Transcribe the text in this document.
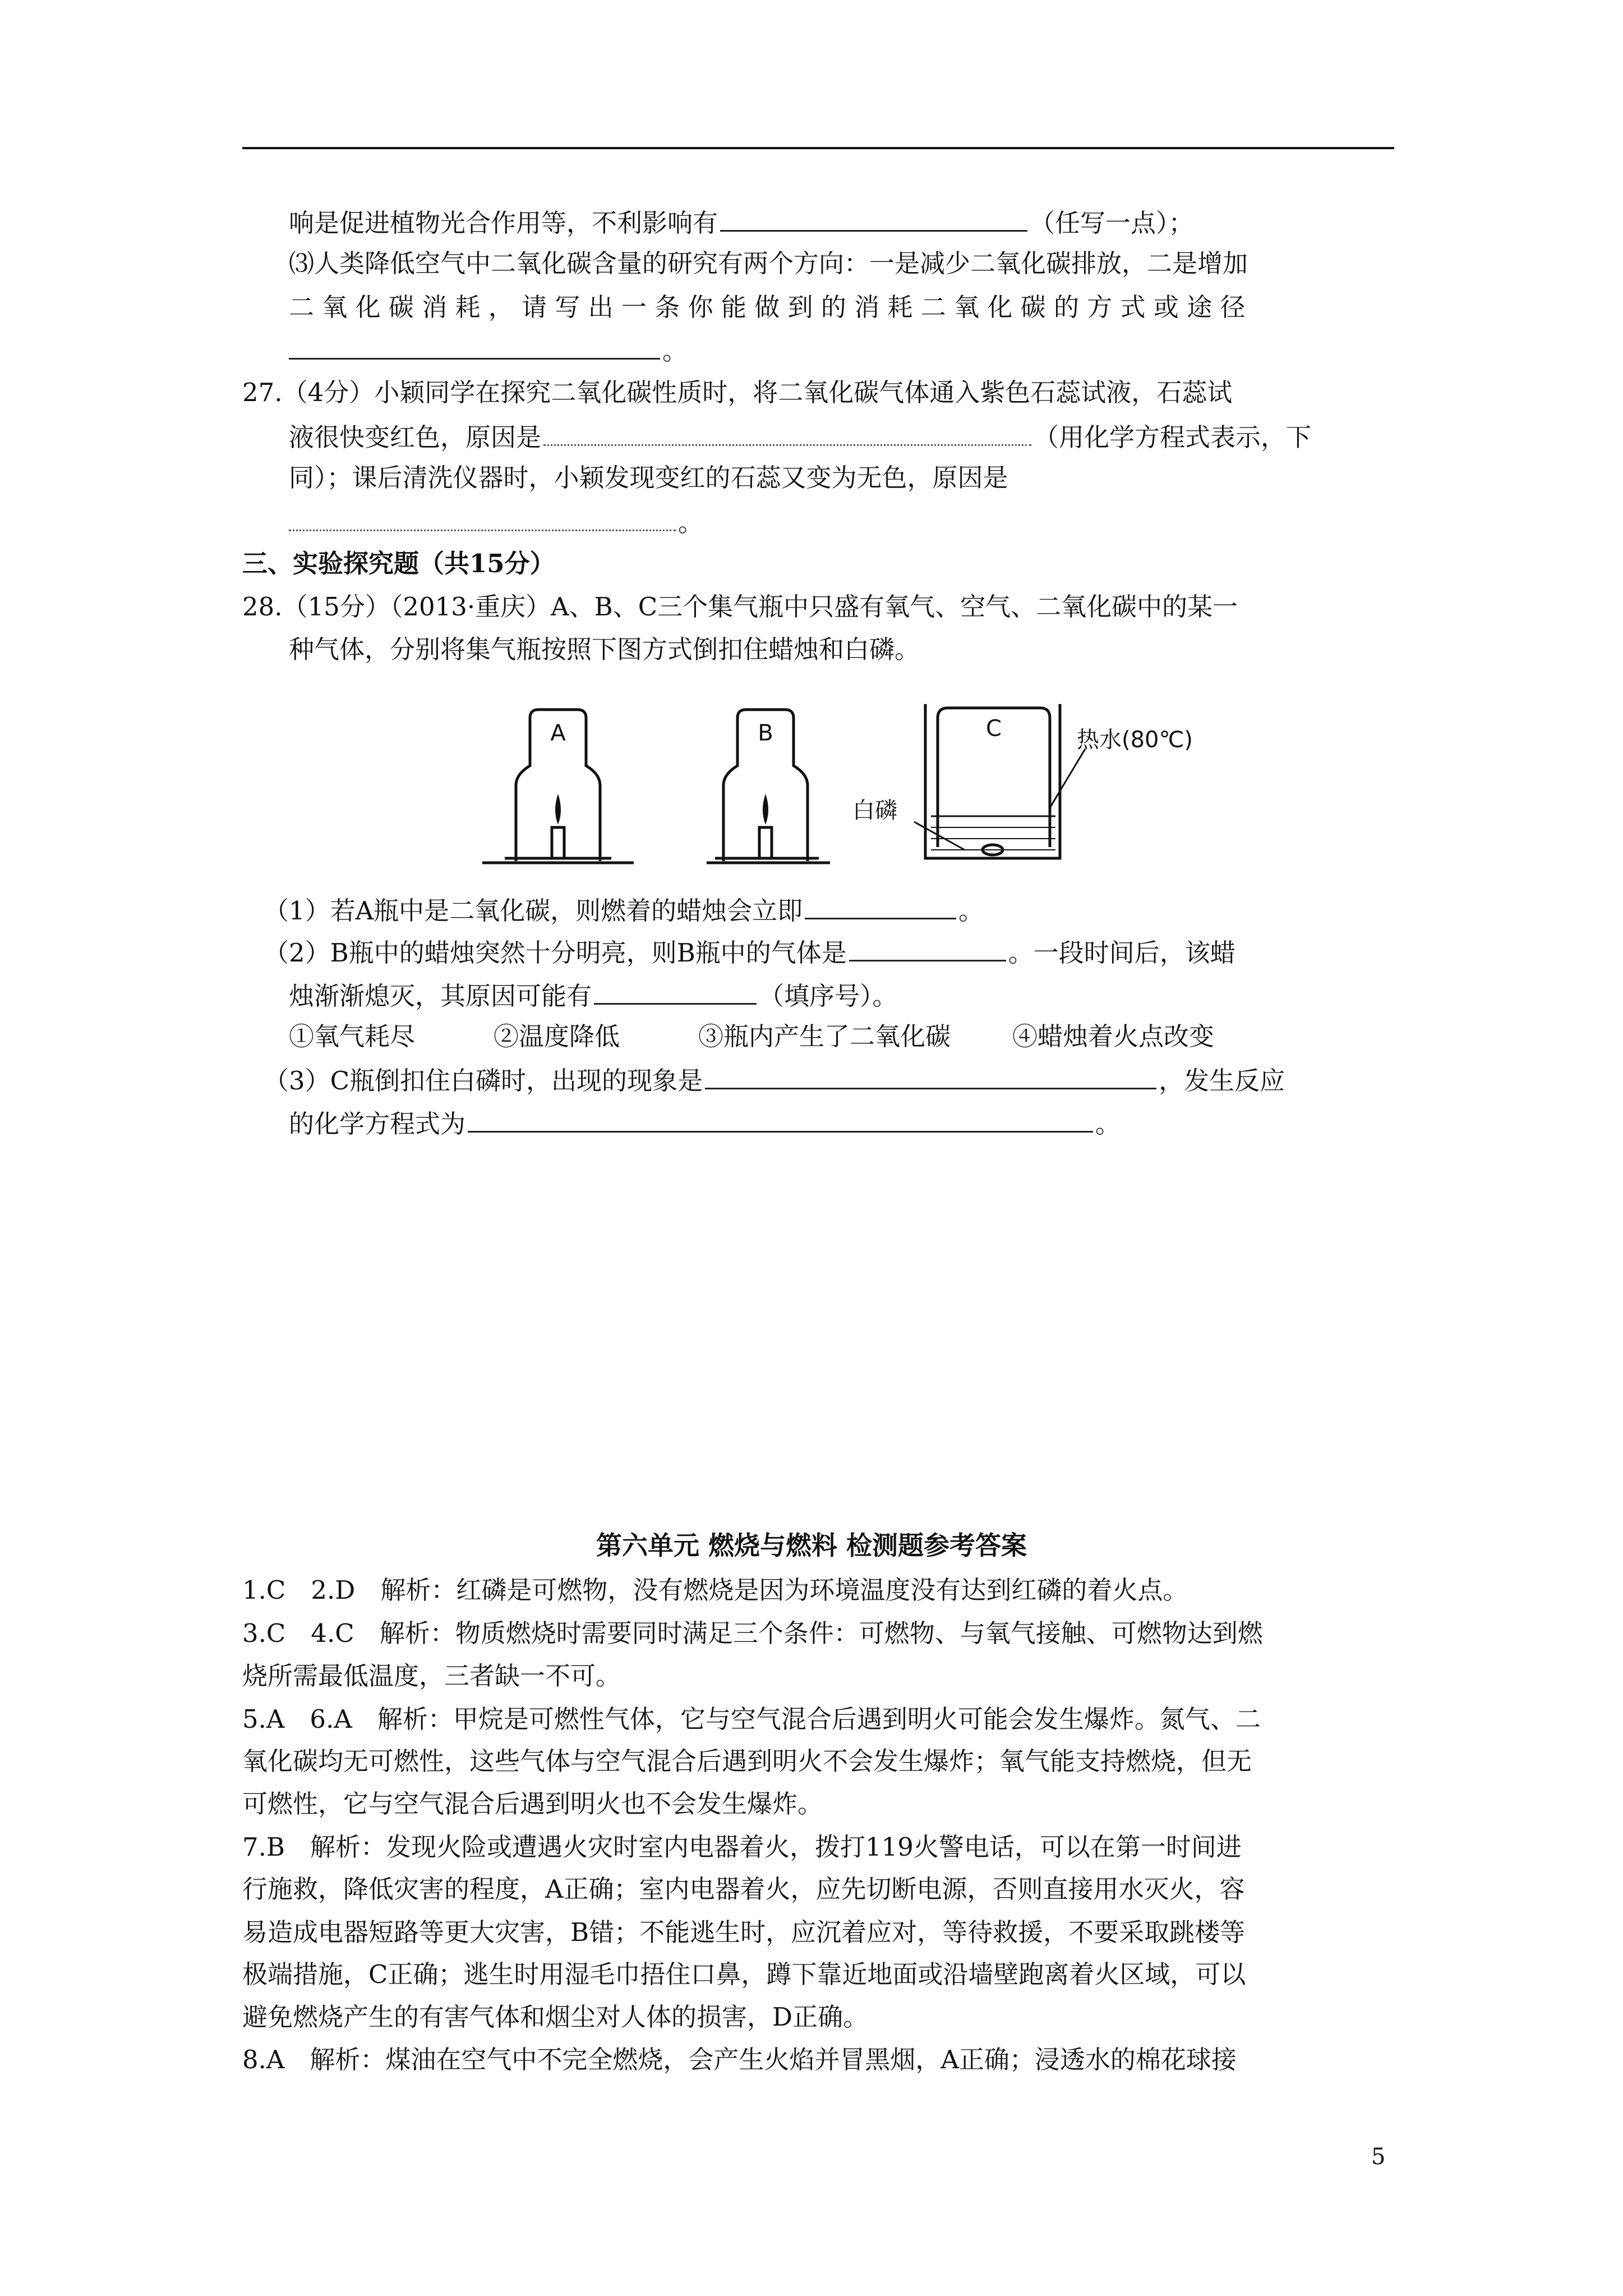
响是促进植物光合作用等，不利影响有	（任写一点）；
⑶人类降低空气中二氧化碳含量的研究有两个方向：一是减少二氧化碳排放，二是增加
二 氧 化 碳 消 耗 ， 请 写 出 一 条 你 能 做 到 的 消 耗 二 氧 化 碳 的 方 式 或 途 径
。
27.（4分）小颖同学在探究二氧化碳性质时，将二氧化碳气体通入紫色石蕊试液，石蕊试
液很快变红色，原因是	（用化学方程式表示，下
同）；课后清洗仪器时，小颖发现变红的石蕊又变为无色，原因是
。
三、实验探究题（共15分）
28.（15分）（2013·重庆）A、B、C三个集气瓶中只盛有氧气、空气、二氧化碳中的某一
种气体，分别将集气瓶按照下图方式倒扣住蜡烛和白磷。
A	B	C	热水(80℃)
白磷
（1）若A瓶中是二氧化碳，则燃着的蜡烛会立即	。
（2）B瓶中的蜡烛突然十分明亮，则B瓶中的气体是	。一段时间后，该蜡
烛渐渐熄灭，其原因可能有	（填序号）。
①氧气耗尽	②温度降低	③瓶内产生了二氧化碳 ④蜡烛着火点改变
（3）C瓶倒扣住白磷时，出现的现象是	，发生反应
的化学方程式为	。
第六单元 燃烧与燃料 检测题参考答案
1.C　2.D　解析：红磷是可燃物，没有燃烧是因为环境温度没有达到红磷的着火点。
3.C　4.C　解析：物质燃烧时需要同时满足三个条件：可燃物、与氧气接触、可燃物达到燃
烧所需最低温度，三者缺一不可。
5.A　6.A　解析：甲烷是可燃性气体，它与空气混合后遇到明火可能会发生爆炸。氮气、二
氧化碳均无可燃性，这些气体与空气混合后遇到明火不会发生爆炸；氧气能支持燃烧，但无
可燃性，它与空气混合后遇到明火也不会发生爆炸。
7.B　解析：发现火险或遭遇火灾时室内电器着火，拨打119火警电话，可以在第一时间进
行施救，降低灾害的程度，A正确；室内电器着火，应先切断电源，否则直接用水灭火，容
易造成电器短路等更大灾害，B错；不能逃生时，应沉着应对，等待救援，不要采取跳楼等
极端措施，C正确；逃生时用湿毛巾捂住口鼻，蹲下靠近地面或沿墙壁跑离着火区域，可以
避免燃烧产生的有害气体和烟尘对人体的损害，D正确。
8.A　解析：煤油在空气中不完全燃烧，会产生火焰并冒黑烟，A正确；浸透水的棉花球接
5
